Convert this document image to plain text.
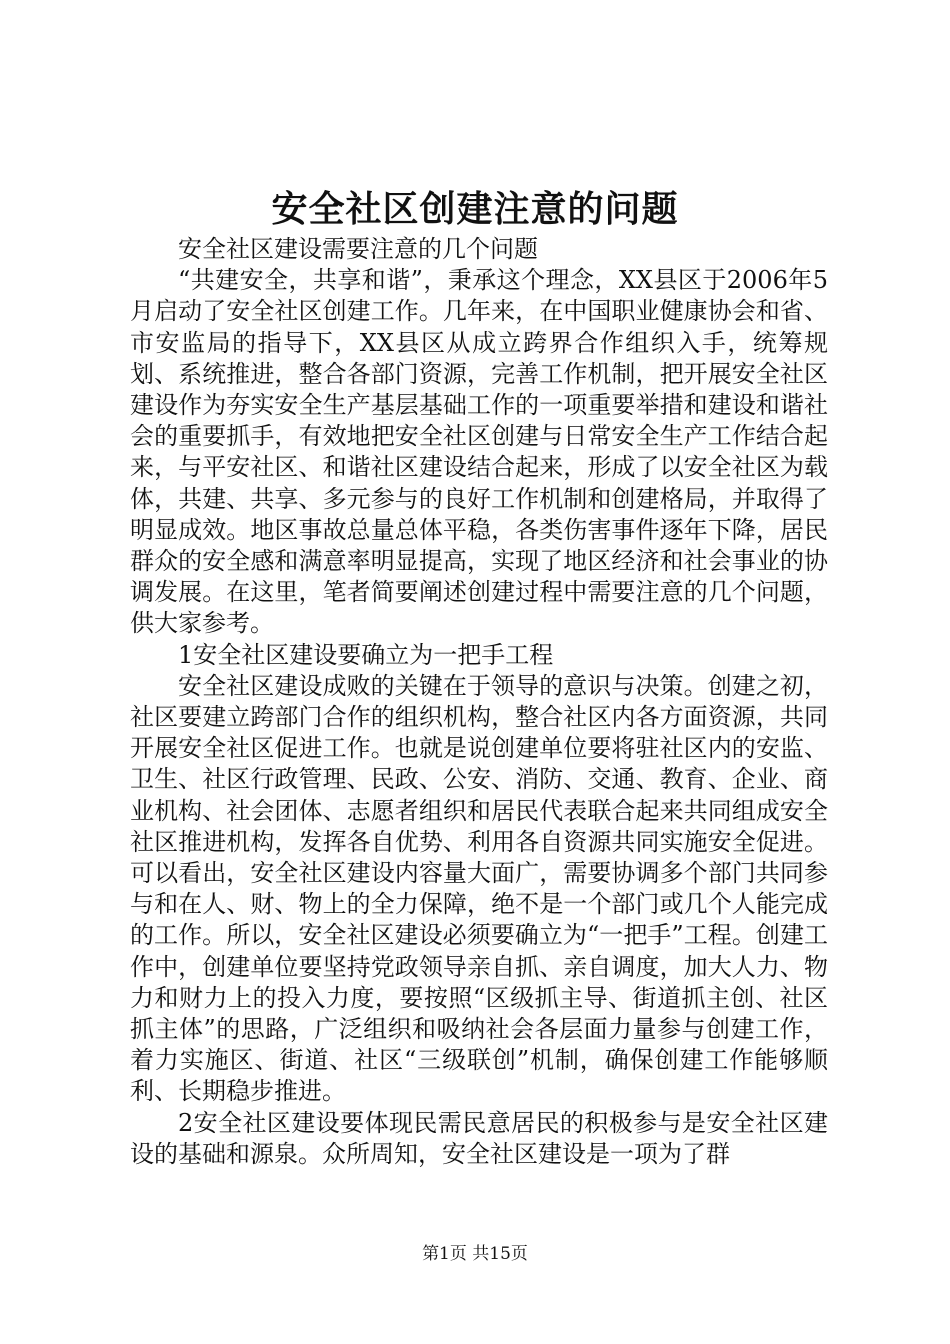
安全社区创建注意的问题

安全社区建设需要注意的几个问题

“共建安全，共享和谐”，秉承这个理念，XX县区于2006年5月启动了安全社区创建工作。几年来，在中国职业健康协会和省、市安监局的指导下，XX县区从成立跨界合作组织入手，统筹规划、系统推进，整合各部门资源，完善工作机制，把开展安全社区建设作为夯实安全生产基层基础工作的一项重要举措和建设和谐社会的重要抓手，有效地把安全社区创建与日常安全生产工作结合起来，与平安社区、和谐社区建设结合起来，形成了以安全社区为载体，共建、共享、多元参与的良好工作机制和创建格局，并取得了明显成效。地区事故总量总体平稳，各类伤害事件逐年下降，居民群众的安全感和满意率明显提高，实现了地区经济和社会事业的协调发展。在这里，笔者简要阐述创建过程中需要注意的几个问题，供大家参考。

1安全社区建设要确立为一把手工程

安全社区建设成败的关键在于领导的意识与决策。创建之初，社区要建立跨部门合作的组织机构，整合社区内各方面资源，共同开展安全社区促进工作。也就是说创建单位要将驻社区内的安监、卫生、社区行政管理、民政、公安、消防、交通、教育、企业、商业机构、社会团体、志愿者组织和居民代表联合起来共同组成安全社区推进机构，发挥各自优势、利用各自资源共同实施安全促进。可以看出，安全社区建设内容量大面广，需要协调多个部门共同参与和在人、财、物上的全力保障，绝不是一个部门或几个人能完成的工作。所以，安全社区建设必须要确立为“一把手”工程。创建工作中，创建单位要坚持党政领导亲自抓、亲自调度，加大人力、物力和财力上的投入力度，要按照“区级抓主导、街道抓主创、社区抓主体”的思路，广泛组织和吸纳社会各层面力量参与创建工作，着力实施区、街道、社区“三级联创”机制，确保创建工作能够顺利、长期稳步推进。

2安全社区建设要体现民需民意居民的积极参与是安全社区建设的基础和源泉。众所周知，安全社区建设是一项为了群

第1页 共15页
